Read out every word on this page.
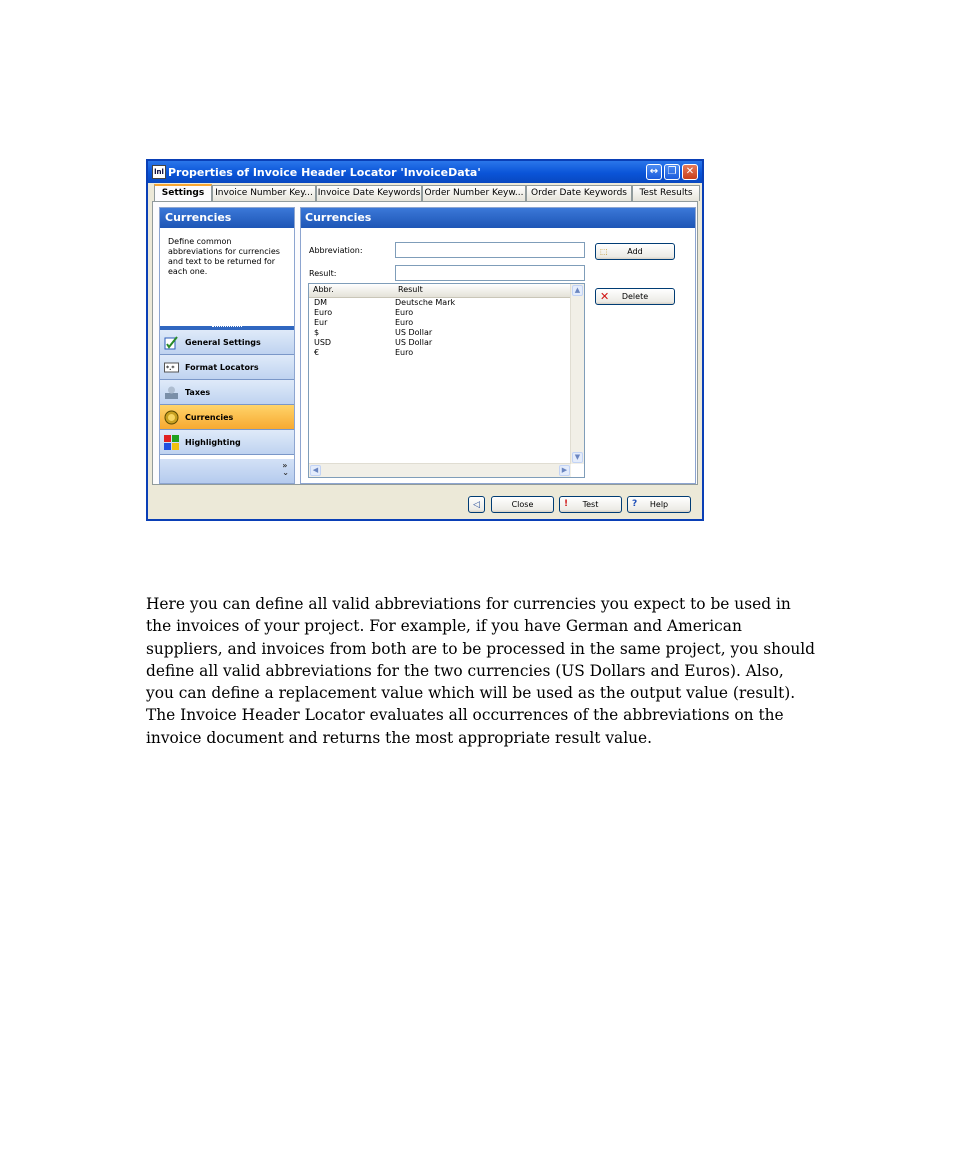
lnl Properties of Invoice Header Locator 'InvoiceData'	↔ ❐ ✕
Settings	Invoice Number Key... Invoice Date Keywords Order Number Keyw... Order Date Keywords	Test Results
Currencies
Define common
abbreviations for currencies
and text to be returned for
each one.
General Settings
*.* Format Locators
Taxes
Currencies
Highlighting
»
⌄
Currencies
Abbreviation:
Result:
⬚ Add
✕ Delete
Abbr.	Result
DM	Deutsche Mark
Euro	Euro
Eur	Euro
$	US Dollar
USD	US Dollar
€	Euro
▲
▼
◀	▶
◁	Close	! Test	? Help
Here you can define all valid abbreviations for currencies you expect to be used in
the invoices of your project. For example, if you have German and American
suppliers, and invoices from both are to be processed in the same project, you should
define all valid abbreviations for the two currencies (US Dollars and Euros). Also,
you can define a replacement value which will be used as the output value (result).
The Invoice Header Locator evaluates all occurrences of the abbreviations on the
invoice document and returns the most appropriate result value.
